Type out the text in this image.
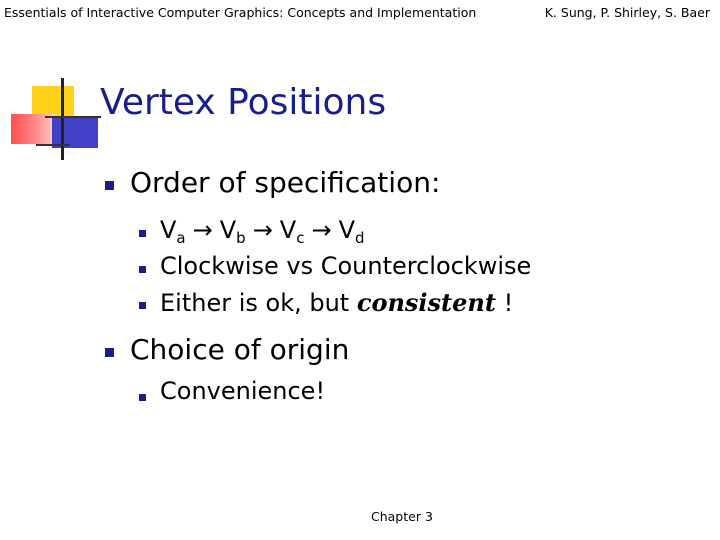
Essentials of Interactive Computer Graphics: Concepts and Implementation	K. Sung, P. Shirley, S. Baer
Vertex Positions
Order of specification:
$V_a \to V_b \to V_c \to V_d$
Clockwise vs Counterclockwise
Either is ok, but consistent !
Choice of origin
Convenience!
Chapter 3
